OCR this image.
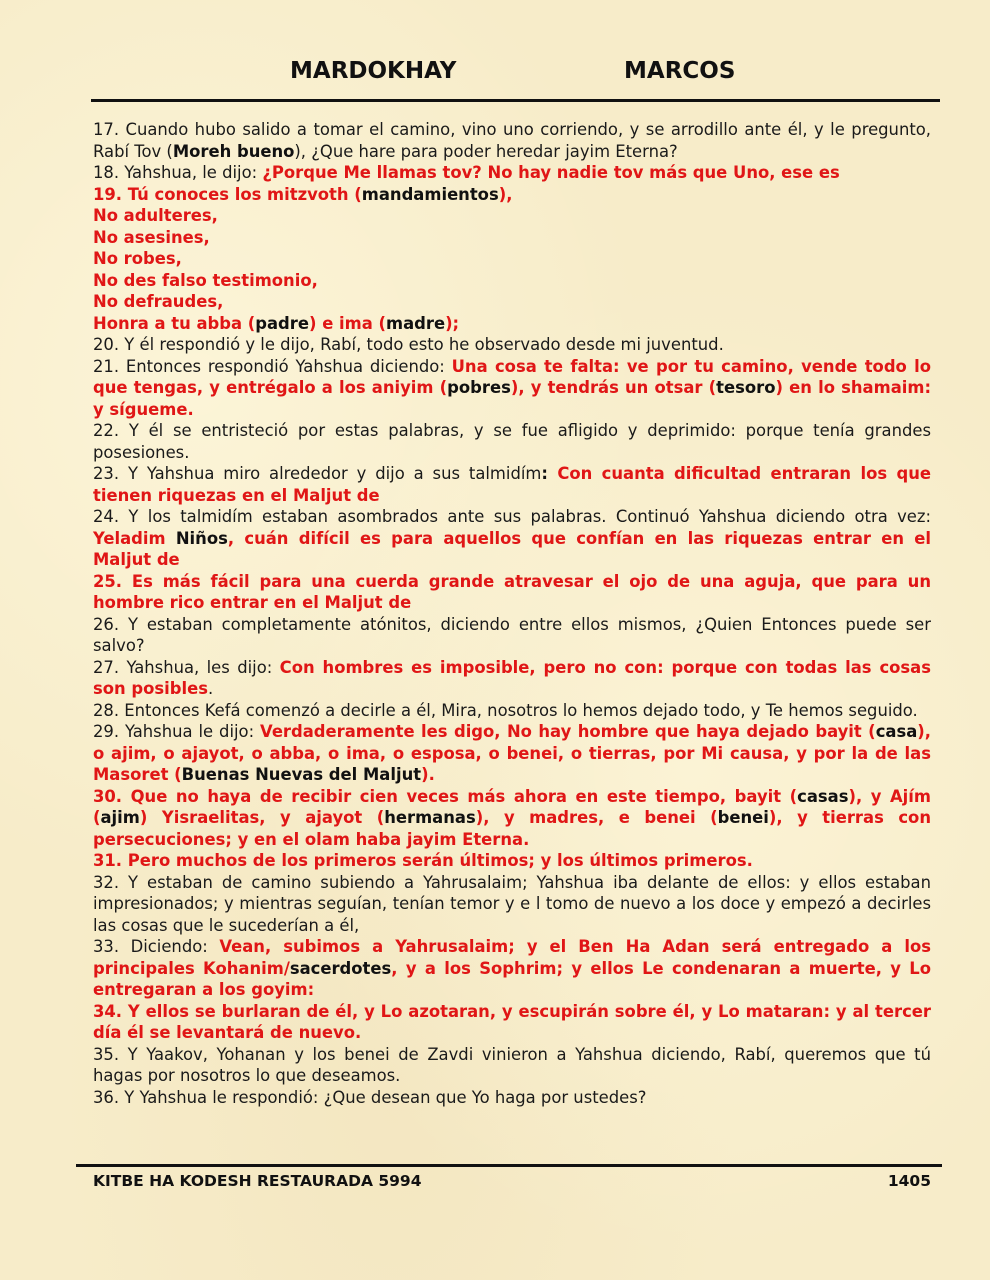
MARDOKHAY	MARCOS

17. Cuando hubo salido a tomar el camino, vino uno corriendo, y se arrodillo ante él, y le pregunto, Rabí Tov (Moreh bueno), ¿Que hare para poder heredar jayim Eterna?

18. Yahshua, le dijo: ¿Porque Me llamas tov? No hay nadie tov más que Uno, ese es

19. Tú conoces los mitzvoth (mandamientos),

No adulteres,

No asesines,

No robes,

No des falso testimonio,

No defraudes,

Honra a tu abba (padre) e ima (madre);

20. Y él respondió y le dijo, Rabí, todo esto he observado desde mi juventud.

21. Entonces respondió Yahshua diciendo: Una cosa te falta: ve por tu camino, vende todo lo que tengas, y entrégalo a los aniyim (pobres), y tendrás un otsar (tesoro) en lo shamaim: y sígueme.

22. Y él se entristeció por estas palabras, y se fue afligido y deprimido: porque tenía grandes posesiones.

23. Y Yahshua miro alrededor y dijo a sus talmidím: Con cuanta dificultad entraran los que tienen riquezas en el Maljut de

24. Y los talmidím estaban asombrados ante sus palabras. Continuó Yahshua diciendo otra vez: Yeladim Niños, cuán difícil es para aquellos que confían en las riquezas entrar en el Maljut de

25. Es más fácil para una cuerda grande atravesar el ojo de una aguja, que para un hombre rico entrar en el Maljut de

26. Y estaban completamente atónitos, diciendo entre ellos mismos, ¿Quien Entonces puede ser salvo?

27. Yahshua, les dijo: Con hombres es imposible, pero no con: porque con todas las cosas son posibles.

28. Entonces Kefá comenzó a decirle a él, Mira, nosotros lo hemos dejado todo, y Te hemos seguido.

29. Yahshua le dijo: Verdaderamente les digo, No hay hombre que haya dejado bayit (casa), o ajim, o ajayot, o abba, o ima, o esposa, o benei, o tierras, por Mi causa, y por la de las Masoret (Buenas Nuevas del Maljut).

30. Que no haya de recibir cien veces más ahora en este tiempo, bayit (casas), y Ajím (ajim) Yisraelitas, y ajayot (hermanas), y madres, e benei (benei), y tierras con persecuciones; y en el olam haba jayim Eterna.

31. Pero muchos de los primeros serán últimos; y los últimos primeros.

32. Y estaban de camino subiendo a Yahrusalaim; Yahshua iba delante de ellos: y ellos estaban impresionados; y mientras seguían, tenían temor y e l tomo de nuevo a los doce y empezó a decirles las cosas que le sucederían a él,

33. Diciendo: Vean, subimos a Yahrusalaim; y el Ben Ha Adan será entregado a los principales Kohanim/sacerdotes, y a los Sophrim; y ellos Le condenaran a muerte, y Lo entregaran a los goyim:

34. Y ellos se burlaran de él, y Lo azotaran, y escupirán sobre él, y Lo mataran: y al tercer día él se levantará de nuevo.

35. Y Yaakov, Yohanan y los benei de Zavdi vinieron a Yahshua diciendo, Rabí, queremos que tú hagas por nosotros lo que deseamos.

36. Y Yahshua le respondió: ¿Que desean que Yo haga por ustedes?

KITBE HA KODESH RESTAURADA 5994	1405
